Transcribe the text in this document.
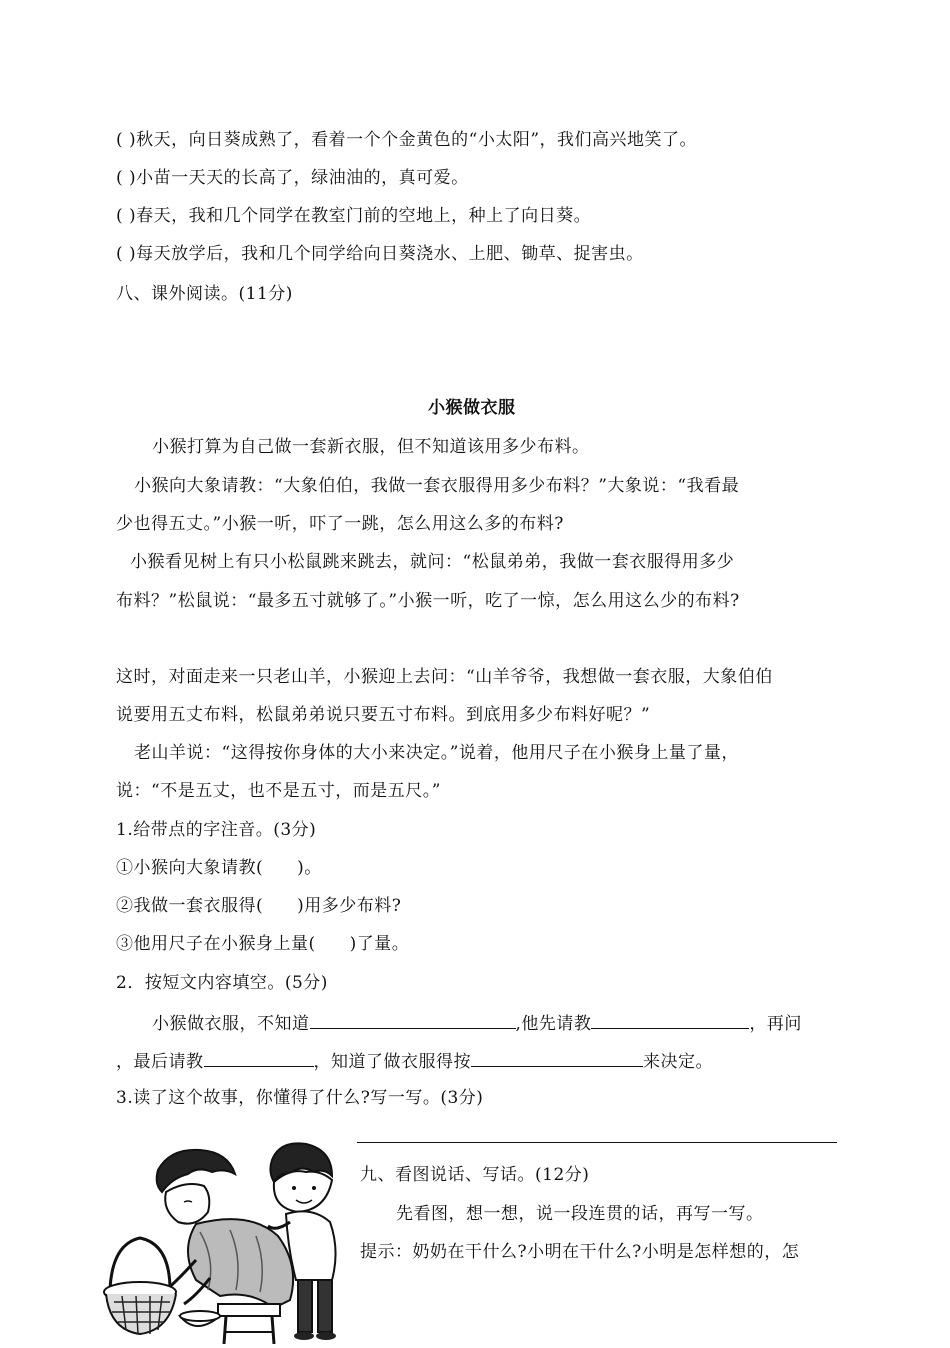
( )秋天，向日葵成熟了，看着一个个金黄色的“小太阳”，我们高兴地笑了。
( )小苗一天天的长高了，绿油油的，真可爱。
( )春天，我和几个同学在教室门前的空地上，种上了向日葵。
( )每天放学后，我和几个同学给向日葵浇水、上肥、锄草、捉害虫。
八、课外阅读。(11分)
小猴做衣服
小猴打算为自己做一套新衣服，但不知道该用多少布料。
小猴向大象请教：“大象伯伯，我做一套衣服得用多少布料？”大象说：“我看最
少也得五丈。”小猴一听，吓了一跳，怎么用这么多的布料?
小猴看见树上有只小松鼠跳来跳去，就问：“松鼠弟弟，我做一套衣服得用多少
布料？”松鼠说：“最多五寸就够了。”小猴一听，吃了一惊，怎么用这么少的布料?
这时，对面走来一只老山羊，小猴迎上去问：“山羊爷爷，我想做一套衣服，大象伯伯
说要用五丈布料，松鼠弟弟说只要五寸布料。到底用多少布料好呢？”
老山羊说：“这得按你身体的大小来决定。”说着，他用尺子在小猴身上量了量，
说：“不是五丈，也不是五寸，而是五尺。”
1.给带点的字注音。(3分)
①小猴向大象请教( )。
②我做一套衣服得( )用多少布料?
③他用尺子在小猴身上量( )了量。
2．按短文内容填空。(5分)
小猴做衣服，不知道	,他先请教	，再问
，最后请教	，知道了做衣服得按	来决定。
3.读了这个故事，你懂得了什么?写一写。(3分)
九、看图说话、写话。(12分)
先看图，想一想，说一段连贯的话，再写一写。
提示：奶奶在干什么?小明在干什么?小明是怎样想的，怎
